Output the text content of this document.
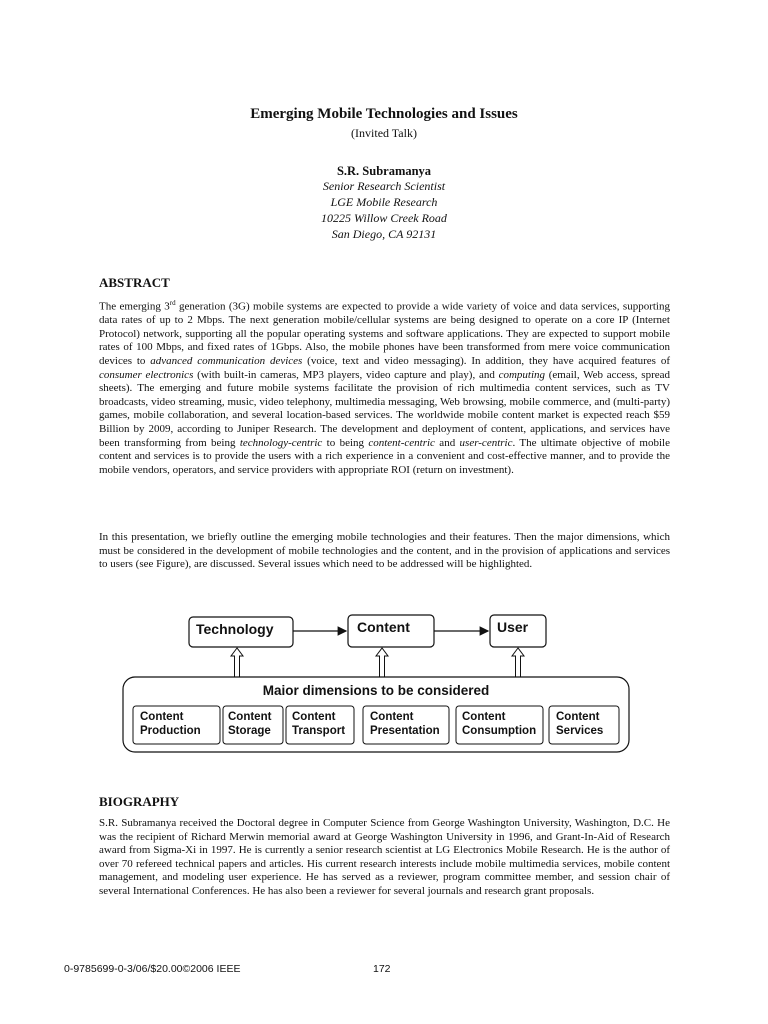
Emerging Mobile Technologies and Issues
(Invited Talk)
S.R. Subramanya
Senior Research Scientist
LGE Mobile Research
10225 Willow Creek Road
San Diego, CA 92131
ABSTRACT
The emerging 3rd generation (3G) mobile systems are expected to provide a wide variety of voice and data services, supporting data rates of up to 2 Mbps. The next generation mobile/cellular systems are being designed to operate on a core IP (Internet Protocol) network, supporting all the popular operating systems and software applications. They are expected to support mobile rates of 100 Mbps, and fixed rates of 1Gbps. Also, the mobile phones have been transformed from mere voice communication devices to advanced communication devices (voice, text and video messaging). In addition, they have acquired features of consumer electronics (with built-in cameras, MP3 players, video capture and play), and computing (email, Web access, spread sheets). The emerging and future mobile systems facilitate the provision of rich multimedia content services, such as TV broadcasts, video streaming, music, video telephony, multimedia messaging, Web browsing, mobile commerce, and (multi-party) games, mobile collaboration, and several location-based services. The worldwide mobile content market is expected reach $59 Billion by 2009, according to Juniper Research. The development and deployment of content, applications, and services have been transforming from being technology-centric to being content-centric and user-centric. The ultimate objective of mobile content and services is to provide the users with a rich experience in a convenient and cost-effective manner, and to provide the mobile vendors, operators, and service providers with appropriate ROI (return on investment).
In this presentation, we briefly outline the emerging mobile technologies and their features. Then the major dimensions, which must be considered in the development of mobile technologies and the content, and in the provision of applications and services to users (see Figure), are discussed. Several issues which need to be addressed will be highlighted.
Technology	Content	User
Maior dimensions to be considered
Content
Production
Content
Storage
Content
Transport
Content
Presentation
Content
Consumption
Content
Services
BIOGRAPHY
S.R. Subramanya received the Doctoral degree in Computer Science from George Washington University, Washington, D.C. He was the recipient of Richard Merwin memorial award at George Washington University in 1996, and Grant-In-Aid of Research award from Sigma-Xi in 1997. He is currently a senior research scientist at LG Electronics Mobile Research. He is the author of over 70 refereed technical papers and articles. His current research interests include mobile multimedia services, mobile content management, and modeling user experience. He has served as a reviewer, program committee member, and session chair of several International Conferences. He has also been a reviewer for several journals and research grant proposals.
0-9785699-0-3/06/$20.00©2006 IEEE	172
